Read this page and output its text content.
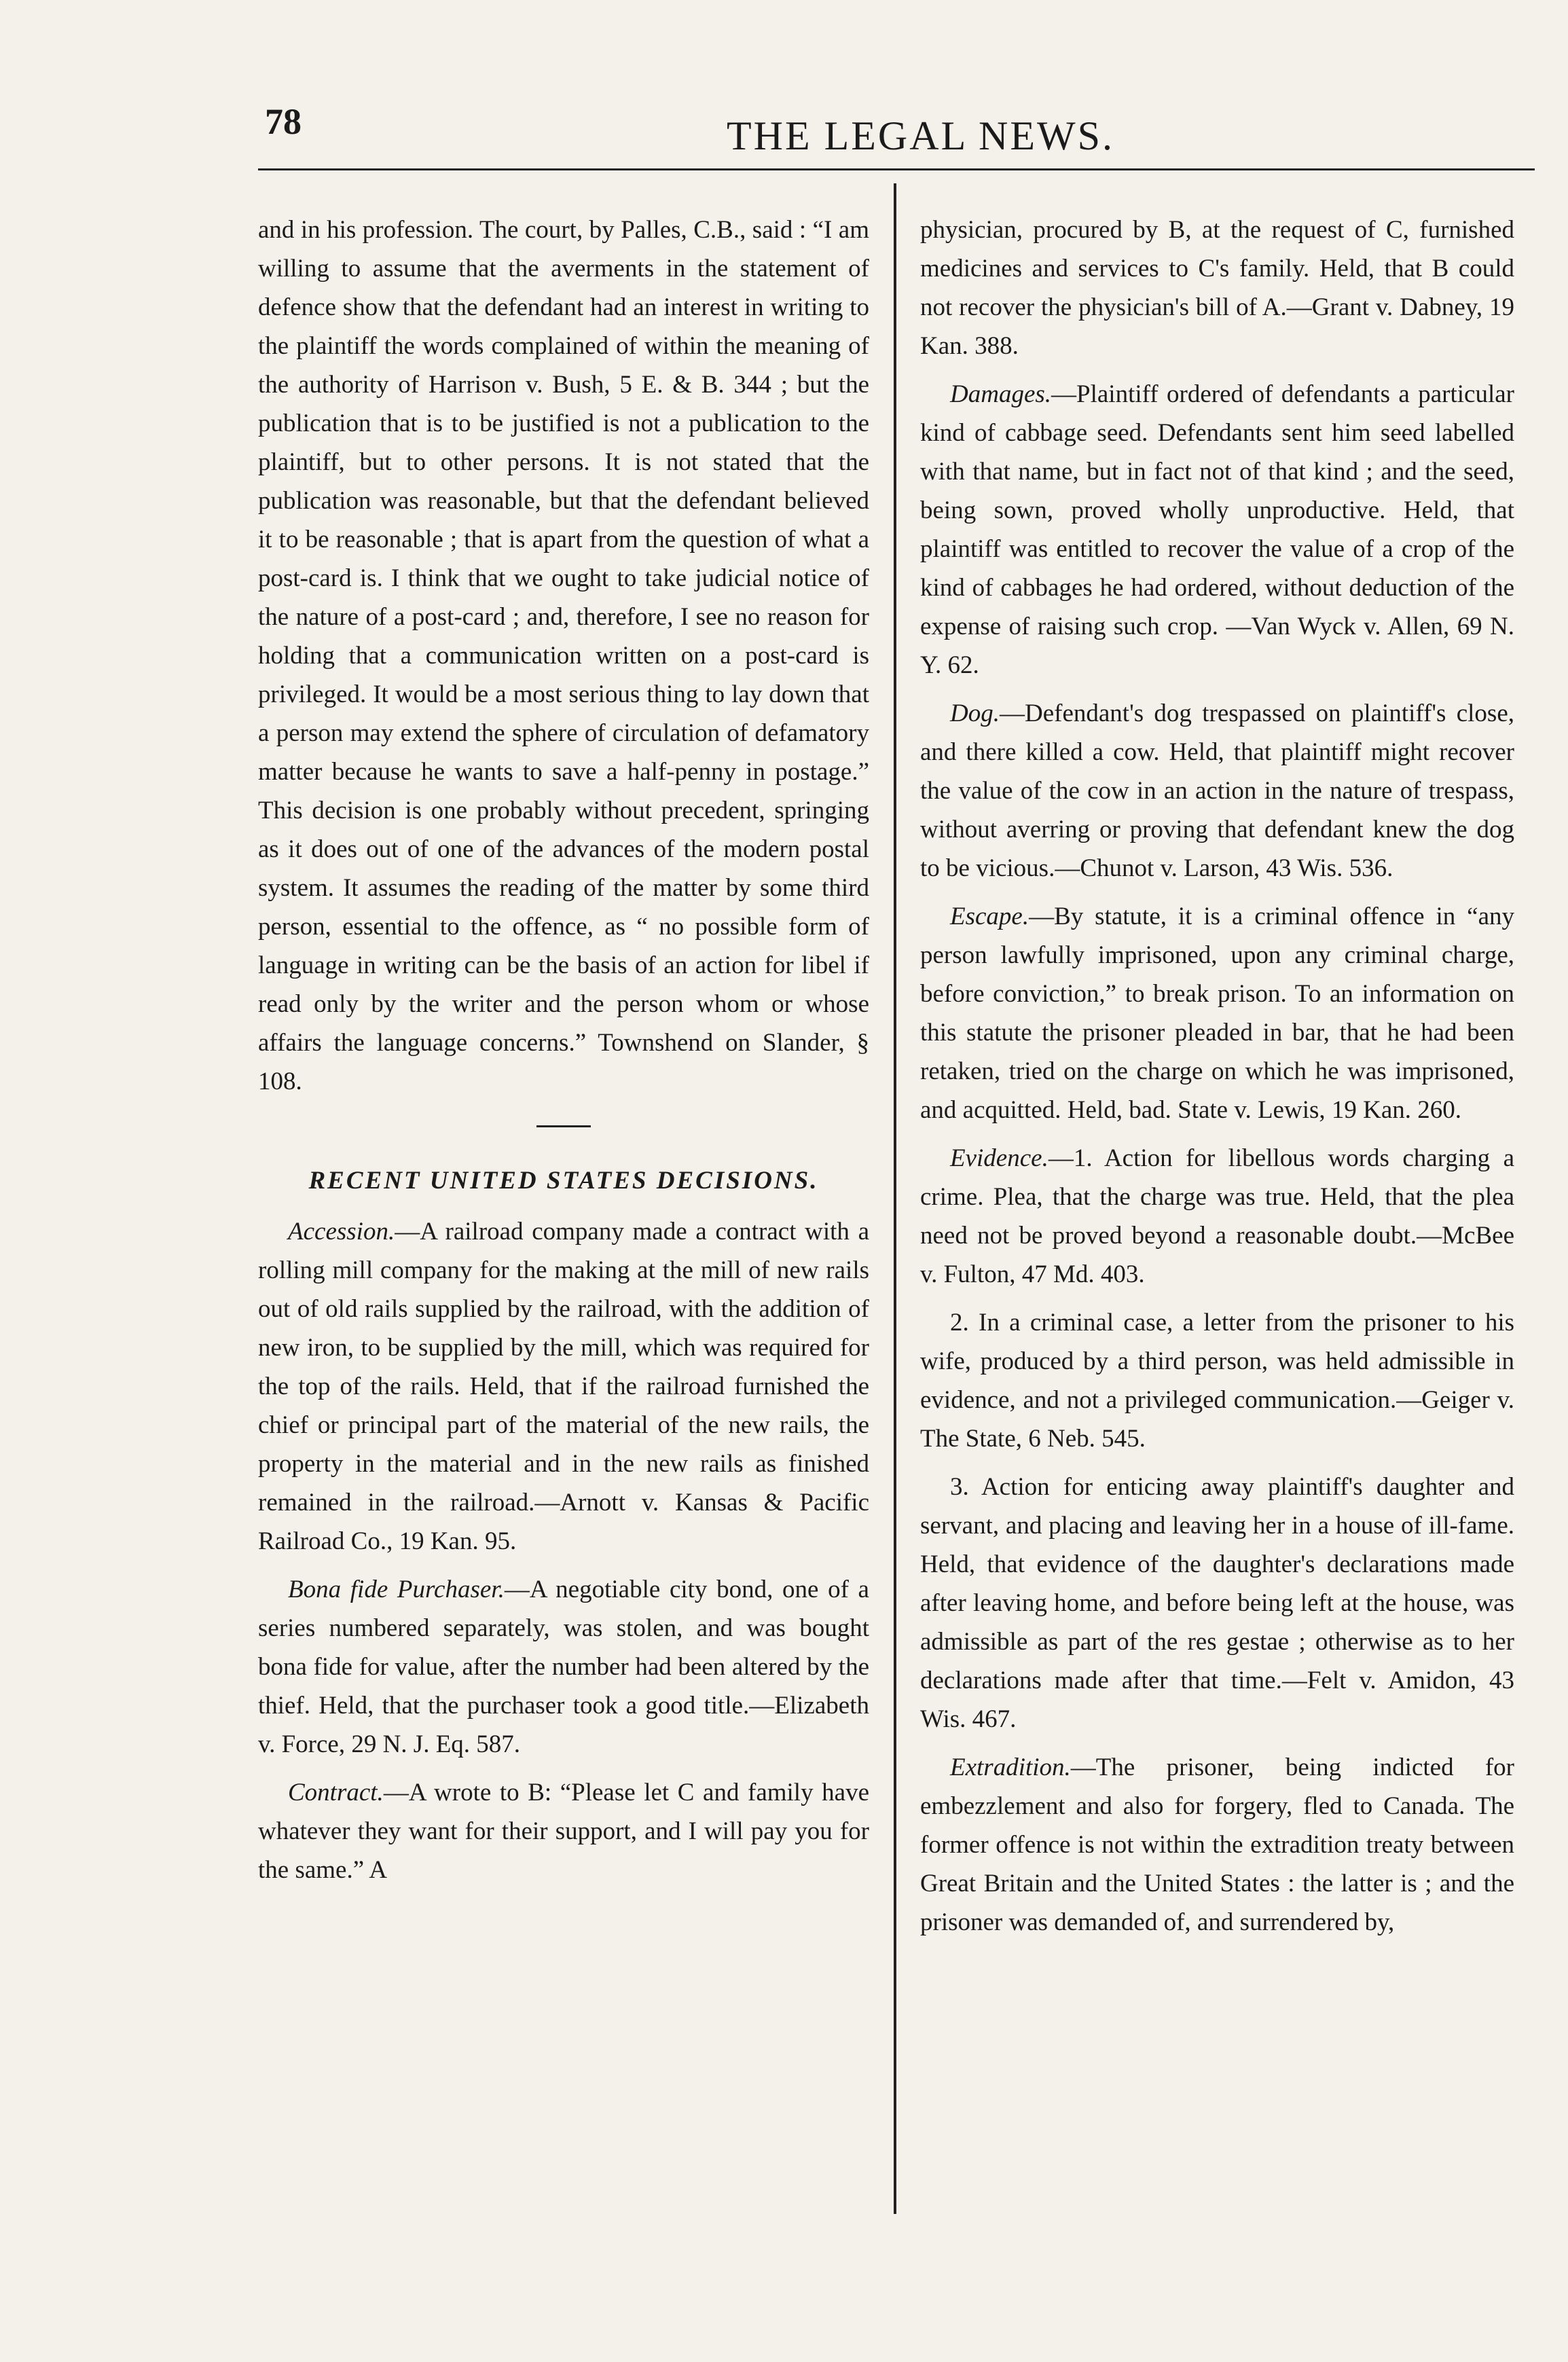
78	THE LEGAL NEWS.

and in his profession. The court, by Palles, C.B., said : “I am willing to assume that the averments in the statement of defence show that the defendant had an interest in writing to the plaintiff the words complained of within the meaning of the authority of Harrison v. Bush, 5 E. & B. 344 ; but the publication that is to be justified is not a publication to the plaintiff, but to other persons. It is not stated that the publication was reasonable, but that the defendant believed it to be reasonable ; that is apart from the question of what a post-card is. I think that we ought to take judicial notice of the nature of a post-card ; and, therefore, I see no reason for holding that a communication written on a post-card is privileged. It would be a most serious thing to lay down that a person may extend the sphere of circulation of defamatory matter because he wants to save a half-penny in postage.” This decision is one probably without precedent, springing as it does out of one of the advances of the modern postal system. It assumes the reading of the matter by some third person, essential to the offence, as “ no possible form of language in writing can be the basis of an action for libel if read only by the writer and the person whom or whose affairs the language concerns.” Townshend on Slander, § 108.

RECENT UNITED STATES DECISIONS.

Accession.—A railroad company made a contract with a rolling mill company for the making at the mill of new rails out of old rails supplied by the railroad, with the addition of new iron, to be supplied by the mill, which was required for the top of the rails. Held, that if the railroad furnished the chief or principal part of the material of the new rails, the property in the material and in the new rails as finished remained in the railroad.—Arnott v. Kansas & Pacific Railroad Co., 19 Kan. 95.

Bona fide Purchaser.—A negotiable city bond, one of a series numbered separately, was stolen, and was bought bona fide for value, after the number had been altered by the thief. Held, that the purchaser took a good title.—Elizabeth v. Force, 29 N. J. Eq. 587.

Contract.—A wrote to B: “Please let C and family have whatever they want for their support, and I will pay you for the same.” A

physician, procured by B, at the request of C, furnished medicines and services to C's family. Held, that B could not recover the physician's bill of A.—Grant v. Dabney, 19 Kan. 388.

Damages.—Plaintiff ordered of defendants a particular kind of cabbage seed. Defendants sent him seed labelled with that name, but in fact not of that kind ; and the seed, being sown, proved wholly unproductive. Held, that plaintiff was entitled to recover the value of a crop of the kind of cabbages he had ordered, without deduction of the expense of raising such crop. —Van Wyck v. Allen, 69 N. Y. 62.

Dog.—Defendant's dog trespassed on plaintiff's close, and there killed a cow. Held, that plaintiff might recover the value of the cow in an action in the nature of trespass, without averring or proving that defendant knew the dog to be vicious.—Chunot v. Larson, 43 Wis. 536.

Escape.—By statute, it is a criminal offence in “any person lawfully imprisoned, upon any criminal charge, before conviction,” to break prison. To an information on this statute the prisoner pleaded in bar, that he had been retaken, tried on the charge on which he was imprisoned, and acquitted. Held, bad. State v. Lewis, 19 Kan. 260.

Evidence.—1. Action for libellous words charging a crime. Plea, that the charge was true. Held, that the plea need not be proved beyond a reasonable doubt.—McBee v. Fulton, 47 Md. 403.

2. In a criminal case, a letter from the prisoner to his wife, produced by a third person, was held admissible in evidence, and not a privileged communication.—Geiger v. The State, 6 Neb. 545.

3. Action for enticing away plaintiff's daughter and servant, and placing and leaving her in a house of ill-fame. Held, that evidence of the daughter's declarations made after leaving home, and before being left at the house, was admissible as part of the res gestae ; otherwise as to her declarations made after that time.—Felt v. Amidon, 43 Wis. 467.

Extradition.—The prisoner, being indicted for embezzlement and also for forgery, fled to Canada. The former offence is not within the extradition treaty between Great Britain and the United States : the latter is ; and the prisoner was demanded of, and surrendered by,
